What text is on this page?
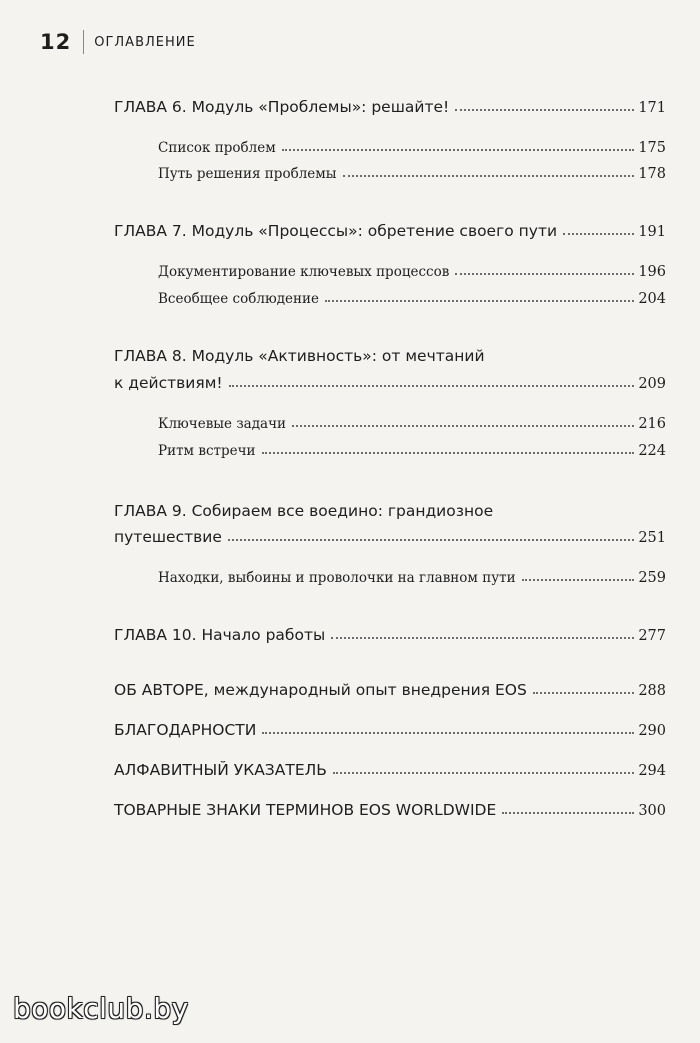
12 ОГЛАВЛЕНИЕ
ГЛАВА 6. Модуль «Проблемы»: решайте!	171
Список проблем	175
Путь решения проблемы	178
ГЛАВА 7. Модуль «Процессы»: обретение своего пути	191
Документирование ключевых процессов	196
Всеобщее соблюдение	204
ГЛАВА 8. Модуль «Активность»: от мечтаний
к действиям!	209
Ключевые задачи	216
Ритм встречи	224
ГЛАВА 9. Собираем все воедино: грандиозное
путешествие	251
Находки, выбоины и проволочки на главном пути	259
ГЛАВА 10. Начало работы	277
ОБ АВТОРЕ, международный опыт внедрения EOS	288
БЛАГОДАРНОСТИ	290
АЛФАВИТНЫЙ УКАЗАТЕЛЬ	294
ТОВАРНЫЕ ЗНАКИ ТЕРМИНОВ EOS WORLDWIDE	300
bookclub.by
